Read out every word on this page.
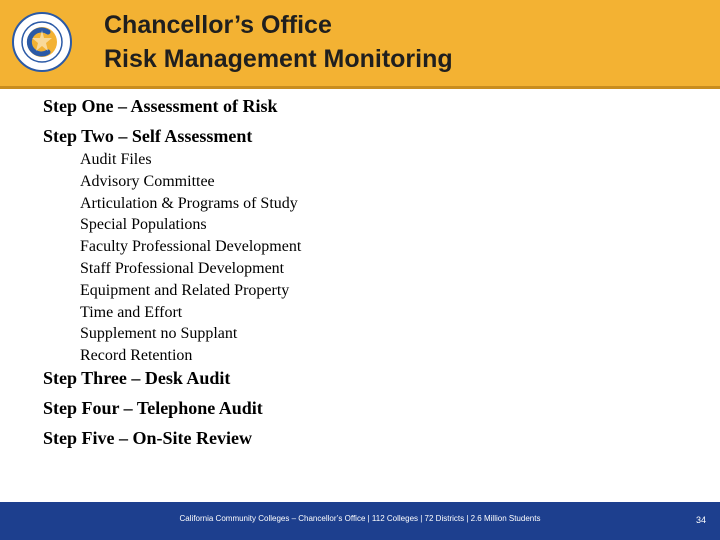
Chancellor’s Office
Risk Management Monitoring
Step One – Assessment of Risk
Step Two – Self Assessment
Audit Files
Advisory Committee
Articulation & Programs of Study
Special Populations
Faculty Professional Development
Staff Professional Development
Equipment and Related Property
Time and Effort
Supplement no Supplant
Record Retention
Step Three – Desk Audit
Step Four – Telephone Audit
Step Five – On-Site Review
California Community Colleges – Chancellor’s Office | 112 Colleges | 72 Districts | 2.6 Million Students	34
